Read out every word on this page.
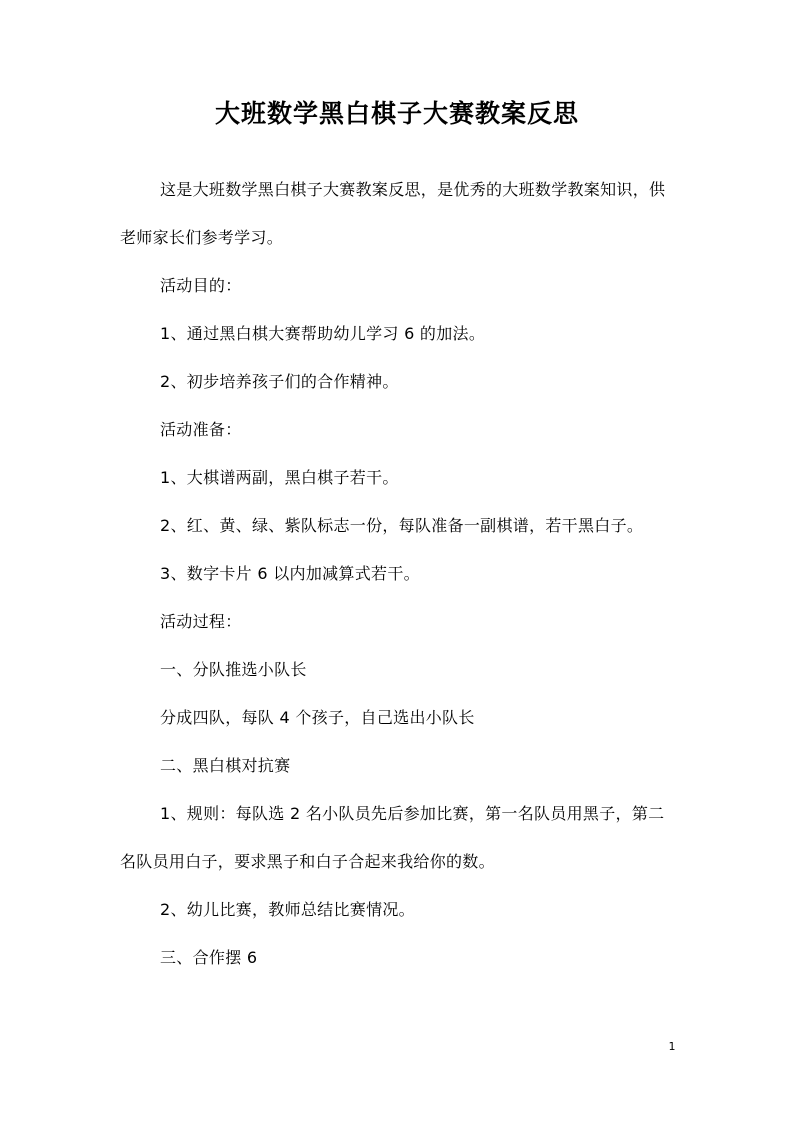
大班数学黑白棋子大赛教案反思

这是大班数学黑白棋子大赛教案反思，是优秀的大班数学教案知识，供老师家长们参考学习。

活动目的：

1、通过黑白棋大赛帮助幼儿学习 6 的加法。

2、初步培养孩子们的合作精神。

活动准备：

1、大棋谱两副，黑白棋子若干。

2、红、黄、绿、紫队标志一份，每队准备一副棋谱，若干黑白子。

3、数字卡片 6 以内加减算式若干。

活动过程：

一、分队推选小队长

分成四队，每队 4 个孩子，自己选出小队长

二、黑白棋对抗赛

1、规则：每队选 2 名小队员先后参加比赛，第一名队员用黑子，第二名队员用白子，要求黑子和白子合起来我给你的数。

2、幼儿比赛，教师总结比赛情况。

三、合作摆 6

1
